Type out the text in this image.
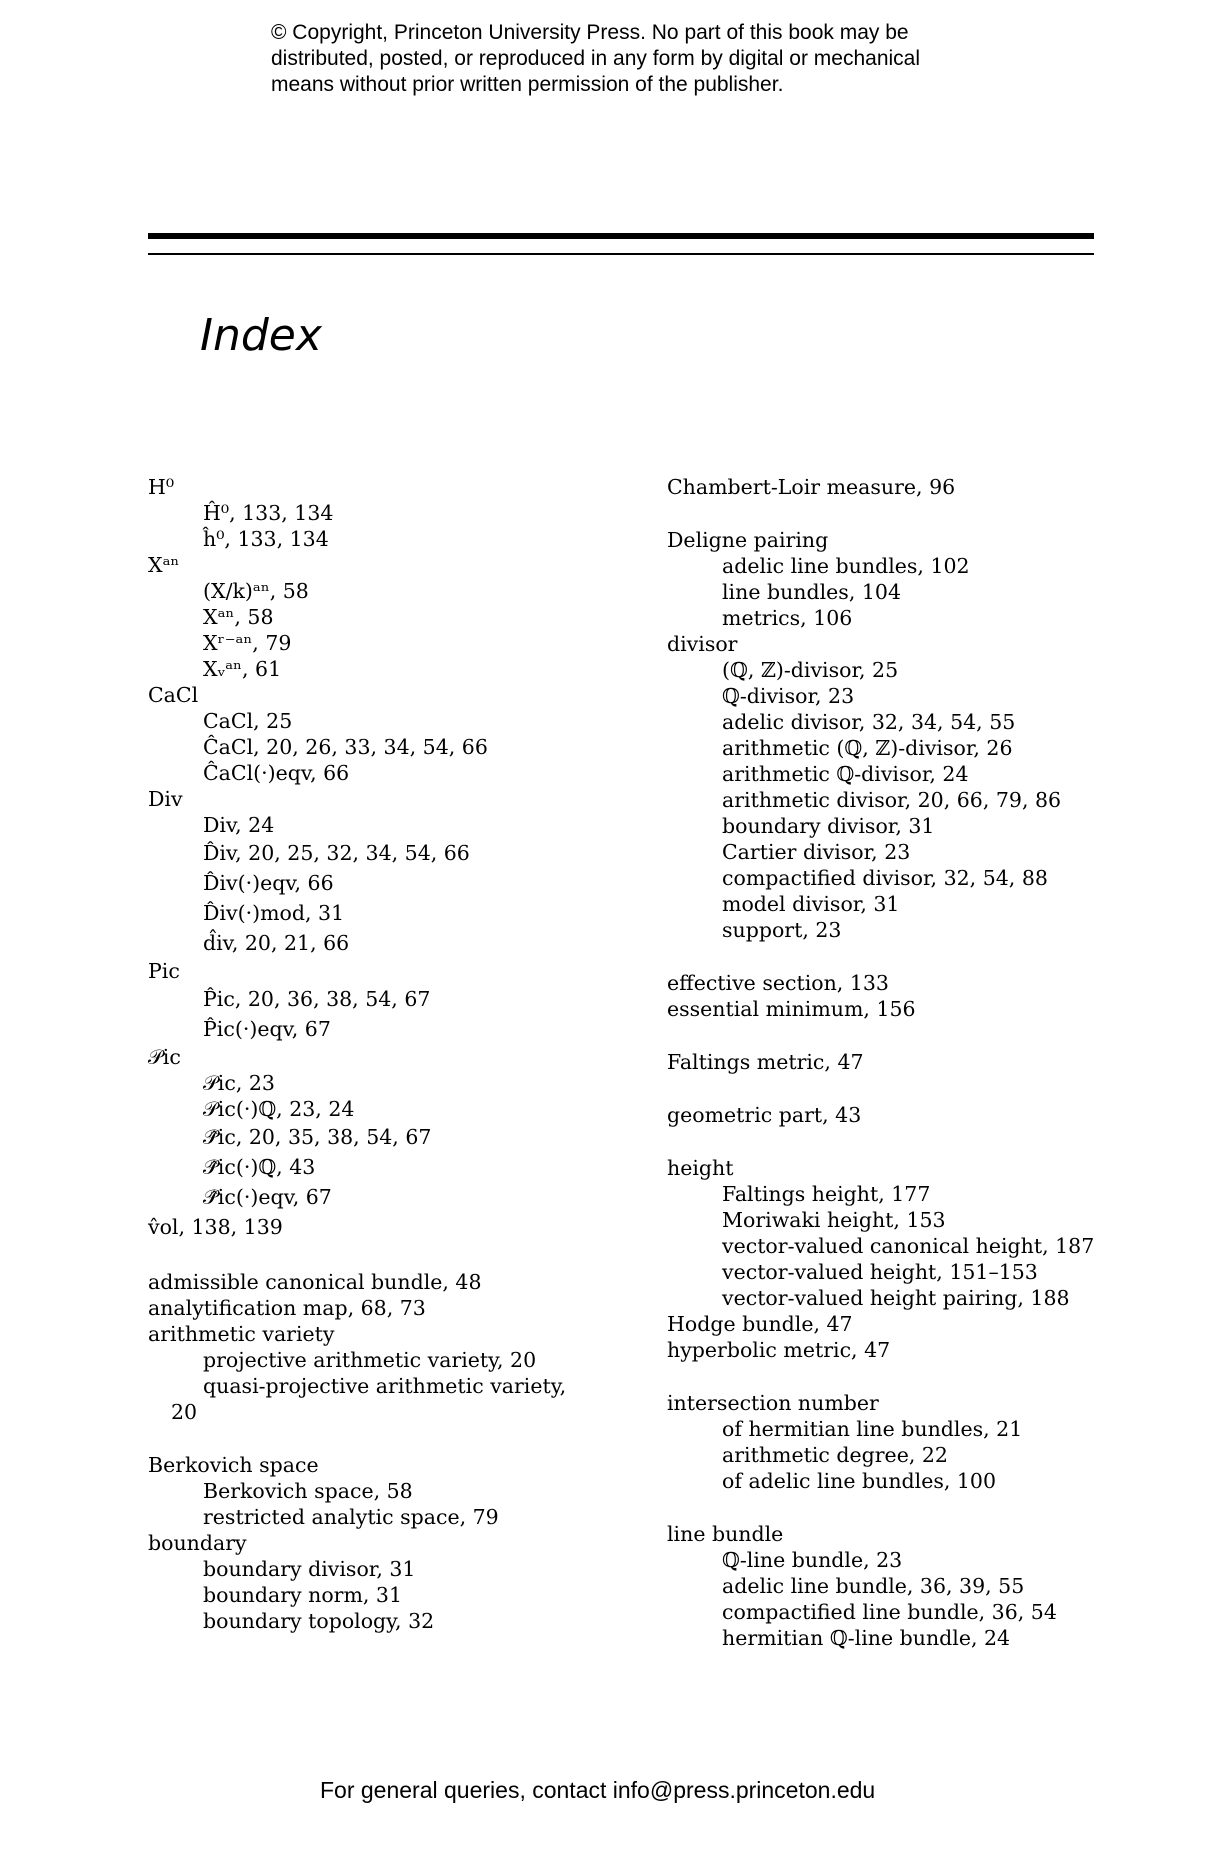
© Copyright, Princeton University Press. No part of this book may be
distributed, posted, or reproduced in any form by digital or mechanical
means without prior written permission of the publisher.
Index
H⁰
Ĥ⁰, 133, 134
ĥ⁰, 133, 134
Xᵃⁿ
(X/k)ᵃⁿ, 58
Xᵃⁿ, 58
Xʳ⁻ᵃⁿ, 79
Xᵥᵃⁿ, 61
CaCl
CaCl, 25
ĈaCl, 20, 26, 33, 34, 54, 66
ĈaCl(·)eqv, 66
Div
Div, 24
D̂iv, 20, 25, 32, 34, 54, 66
D̂iv(·)eqv, 66
D̂iv(·)mod, 31
d̂iv, 20, 21, 66
Pic
P̂ic, 20, 36, 38, 54, 67
P̂ic(·)eqv, 67
𝒫ic
𝒫ic, 23
𝒫ic(·)ℚ, 23, 24
𝒫̂ic, 20, 35, 38, 54, 67
𝒫̂ic(·)ℚ, 43
𝒫̂ic(·)eqv, 67
v̂ol, 138, 139
admissible canonical bundle, 48
analytification map, 68, 73
arithmetic variety
projective arithmetic variety, 20
quasi-projective arithmetic variety,
20
Berkovich space
Berkovich space, 58
restricted analytic space, 79
boundary
boundary divisor, 31
boundary norm, 31
boundary topology, 32
Chambert-Loir measure, 96
Deligne pairing
adelic line bundles, 102
line bundles, 104
metrics, 106
divisor
(ℚ, ℤ)-divisor, 25
ℚ-divisor, 23
adelic divisor, 32, 34, 54, 55
arithmetic (ℚ, ℤ)-divisor, 26
arithmetic ℚ-divisor, 24
arithmetic divisor, 20, 66, 79, 86
boundary divisor, 31
Cartier divisor, 23
compactified divisor, 32, 54, 88
model divisor, 31
support, 23
effective section, 133
essential minimum, 156
Faltings metric, 47
geometric part, 43
height
Faltings height, 177
Moriwaki height, 153
vector-valued canonical height, 187
vector-valued height, 151–153
vector-valued height pairing, 188
Hodge bundle, 47
hyperbolic metric, 47
intersection number
of hermitian line bundles, 21
arithmetic degree, 22
of adelic line bundles, 100
line bundle
ℚ-line bundle, 23
adelic line bundle, 36, 39, 55
compactified line bundle, 36, 54
hermitian ℚ-line bundle, 24
For general queries, contact info@press.princeton.edu
